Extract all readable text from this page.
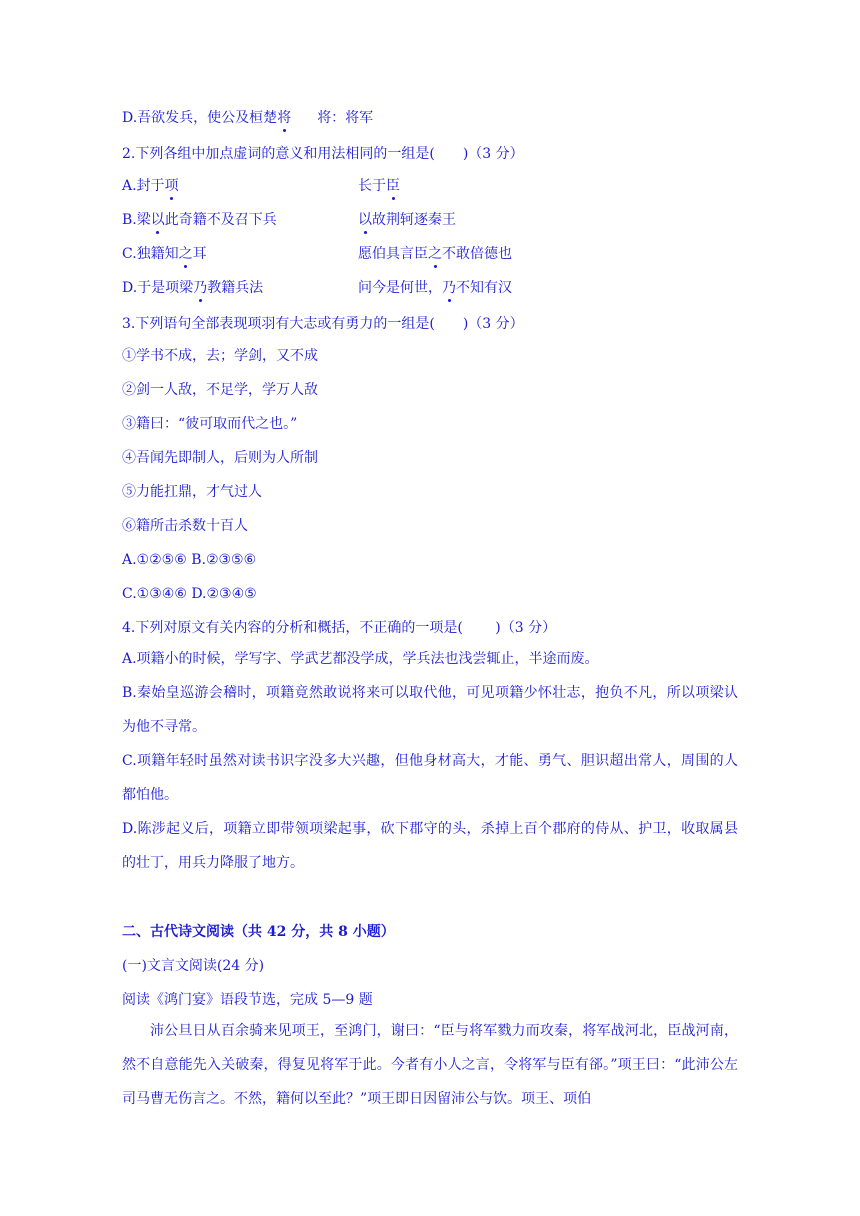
D.吾欲发兵，使公及桓楚将 将：将军
2.下列各组中加点虚词的意义和用法相同的一组是(　　)（3 分）
A.封于项	长于臣
B.梁以此奇籍不及召下兵	以故荆轲逐秦王
C.独籍知之耳	愿伯具言臣之不敢倍德也
D.于是项梁乃教籍兵法	问今是何世，乃不知有汉
3.下列语句全部表现项羽有大志或有勇力的一组是(　　)（3 分）
①学书不成，去；学剑，又不成
②剑一人敌，不足学，学万人敌
③籍曰：“彼可取而代之也。”
④吾闻先即制人，后则为人所制
⑤力能扛鼎，才气过人
⑥籍所击杀数十百人
A.①②⑤⑥ B.②③⑤⑥
C.①③④⑥ D.②③④⑤
4.下列对原文有关内容的分析和概括，不正确的一项是(　　 )（3 分）

A.项籍小的时候，学写字、学武艺都没学成，学兵法也浅尝辄止，半途而废。

B.秦始皇巡游会稽时，项籍竟然敢说将来可以取代他，可见项籍少怀壮志，抱负不凡，所以项梁认为他不寻常。

C.项籍年轻时虽然对读书识字没多大兴趣，但他身材高大，才能、勇气、胆识超出常人，周围的人都怕他。

D.陈涉起义后，项籍立即带领项梁起事，砍下郡守的头，杀掉上百个郡府的侍从、护卫，收取属县的壮丁，用兵力降服了地方。

二、古代诗文阅读（共 42 分，共 8 小题）
(一)文言文阅读(24 分)
阅读《鸿门宴》语段节选，完成 5—9 题

沛公旦日从百余骑来见项王，至鸿门，谢曰：“臣与将军戮力而攻秦，将军战河北，臣战河南，然不自意能先入关破秦，得复见将军于此。今者有小人之言，令将军与臣有郤。”项王曰：“此沛公左司马曹无伤言之。不然，籍何以至此？”项王即日因留沛公与饮。项王、项伯
